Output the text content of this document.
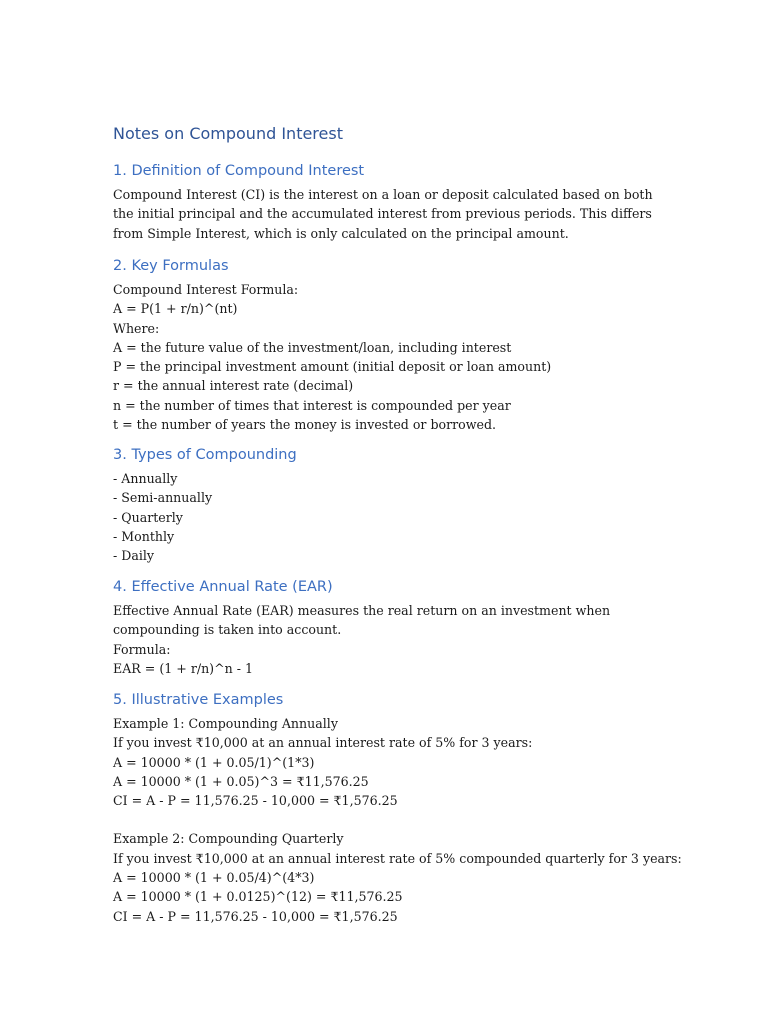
Notes on Compound Interest
1. Definition of Compound Interest

Compound Interest (CI) is the interest on a loan or deposit calculated based on both the initial principal and the accumulated interest from previous periods. This differs from Simple Interest, which is only calculated on the principal amount.

2. Key Formulas
Compound Interest Formula:
A = P(1 + r/n)^(nt)
Where:
A = the future value of the investment/loan, including interest
P = the principal investment amount (initial deposit or loan amount)
r = the annual interest rate (decimal)
n = the number of times that interest is compounded per year
t = the number of years the money is invested or borrowed.
3. Types of Compounding
- Annually
- Semi-annually
- Quarterly
- Monthly
- Daily
4. Effective Annual Rate (EAR)

Effective Annual Rate (EAR) measures the real return on an investment when compounding is taken into account.

Formula:
EAR = (1 + r/n)^n - 1
5. Illustrative Examples
Example 1: Compounding Annually
If you invest ₹10,000 at an annual interest rate of 5% for 3 years:
A = 10000 * (1 + 0.05/1)^(1*3)
A = 10000 * (1 + 0.05)^3 = ₹11,576.25
CI = A - P = 11,576.25 - 10,000 = ₹1,576.25
Example 2: Compounding Quarterly
If you invest ₹10,000 at an annual interest rate of 5% compounded quarterly for 3 years:
A = 10000 * (1 + 0.05/4)^(4*3)
A = 10000 * (1 + 0.0125)^(12) = ₹11,576.25
CI = A - P = 11,576.25 - 10,000 = ₹1,576.25
